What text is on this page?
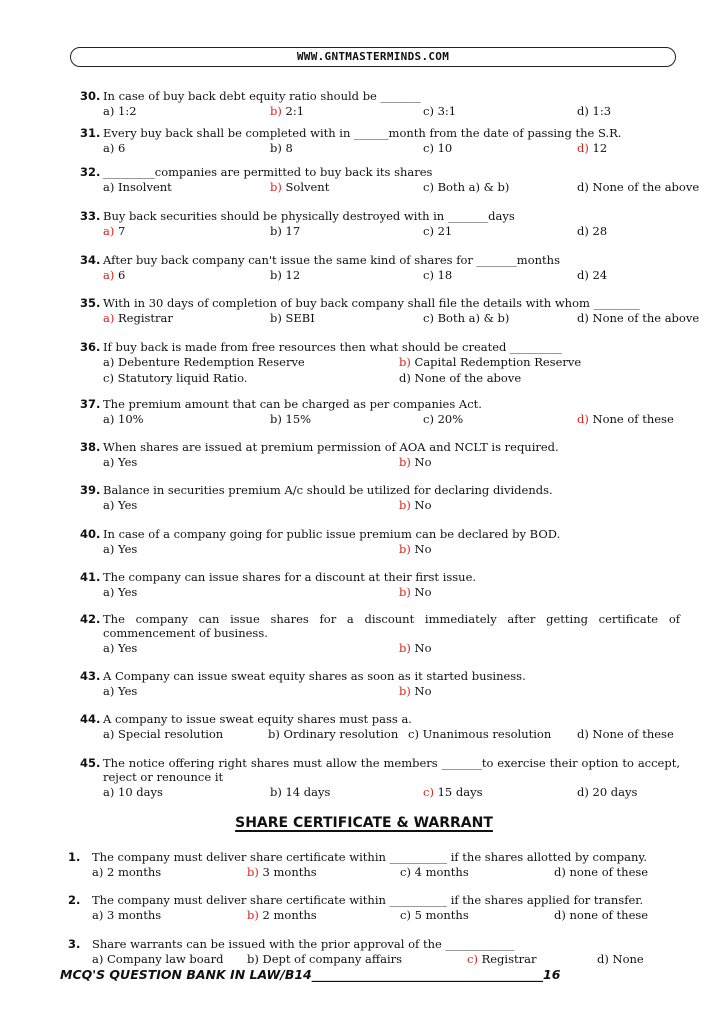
WWW.GNTMASTERMINDS.COM
30. In case of buy back debt equity ratio should be _______
a) 1:2	b) 2:1	c) 3:1	d) 1:3
31. Every buy back shall be completed with in ______month from the date of passing the S.R.
a) 6	b) 8	c) 10	d) 12
32. _________companies are permitted to buy back its shares
a) Insolvent	b) Solvent	c) Both a) & b)	d) None of the above
33. Buy back securities should be physically destroyed with in _______days
a) 7	b) 17	c) 21	d) 28
34. After buy back company can't issue the same kind of shares for _______months
a) 6	b) 12	c) 18	d) 24
35. With in 30 days of completion of buy back company shall file the details with whom ________
a) Registrar	b) SEBI	c) Both a) & b)	d) None of the above
36. If buy back is made from free resources then what should be created _________
a) Debenture Redemption Reserve	b) Capital Redemption Reserve
c) Statutory liquid Ratio.	d) None of the above
37. The premium amount that can be charged as per companies Act.
a) 10%	b) 15%	c) 20%	d) None of these
38. When shares are issued at premium permission of AOA and NCLT is required.
a) Yes	b) No
39. Balance in securities premium A/c should be utilized for declaring dividends.
a) Yes	b) No
40. In case of a company going for public issue premium can be declared by BOD.
a) Yes	b) No
41. The company can issue shares for a discount at their first issue.
a) Yes	b) No
42. The company can issue shares for a discount immediately after getting certificate of commencement of business.
a) Yes	b) No
43. A Company can issue sweat equity shares as soon as it started business.
a) Yes	b) No
44. A company to issue sweat equity shares must pass a.
a) Special resolution	b) Ordinary resolution c) Unanimous resolution d) None of these
45. The notice offering right shares must allow the members _______to exercise their option to accept, reject or renounce it
a) 10 days	b) 14 days	c) 15 days	d) 20 days
SHARE CERTIFICATE & WARRANT
1.	The company must deliver share certificate within __________ if the shares allotted by company.
a) 2 months	b) 3 months	c) 4 months	d) none of these
2.	The company must deliver share certificate within __________ if the shares applied for transfer.
a) 3 months	b) 2 months	c) 5 months	d) none of these
3.	Share warrants can be issued with the prior approval of the ____________
a) Company law board b) Dept of company affairs	c) Registrar	d) None
MCQ'S QUESTION BANK IN LAW/B14_____________________________________16
